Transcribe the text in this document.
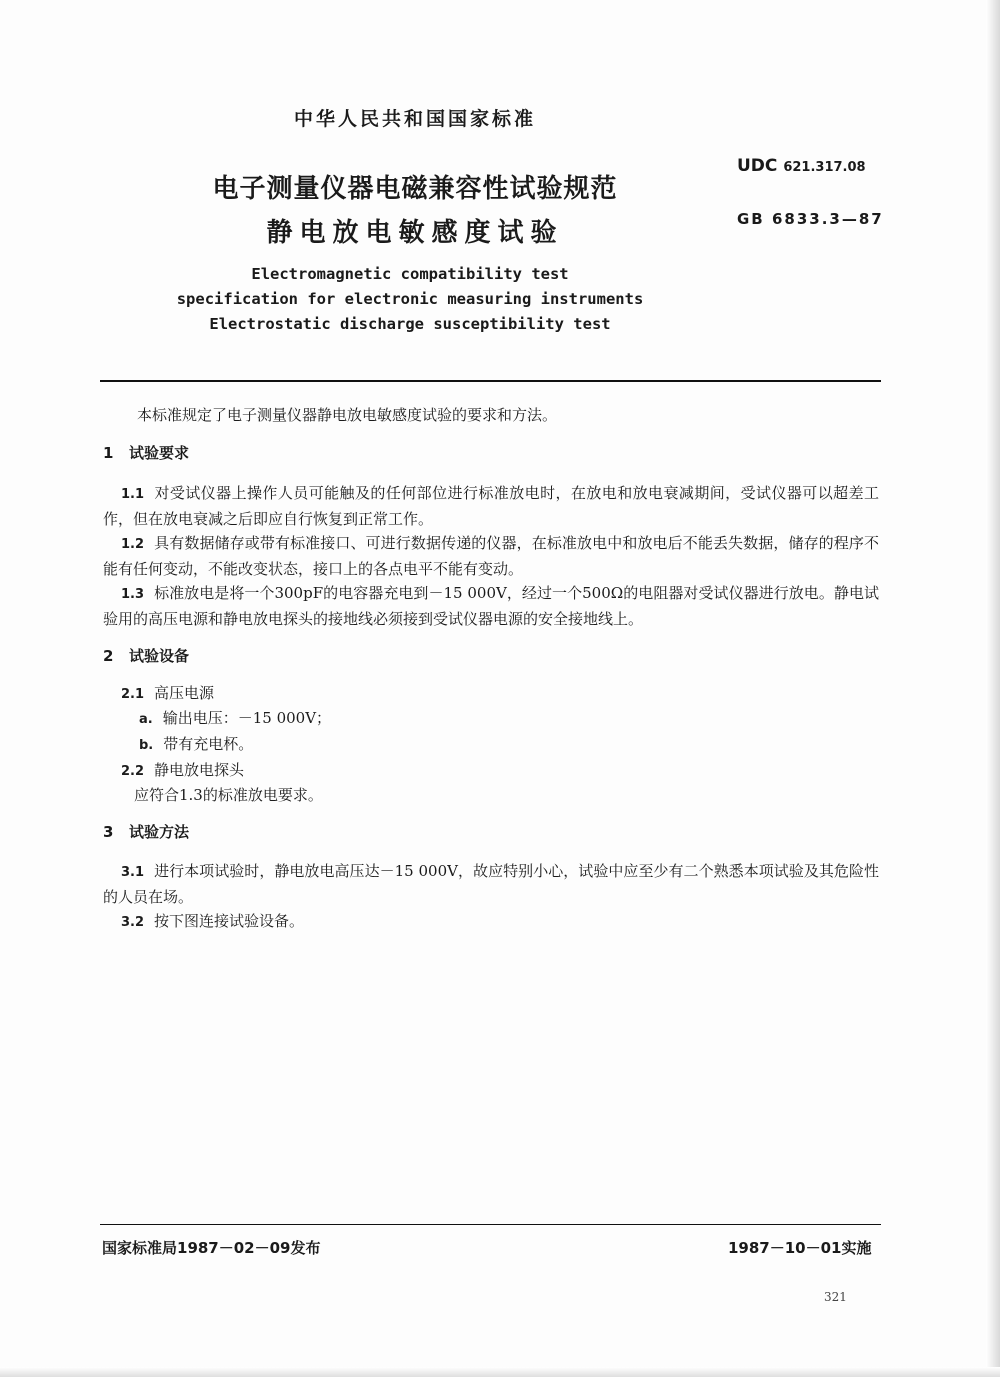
中华人民共和国国家标准
电子测量仪器电磁兼容性试验规范
静电放电敏感度试验
UDC 621.317.08
GB 6833.3—87
Electromagnetic compatibility test
specification for electronic measuring instruments
Electrostatic discharge susceptibility test
本标准规定了电子测量仪器静电放电敏感度试验的要求和方法。
1 试验要求
1.1 对受试仪器上操作人员可能触及的任何部位进行标准放电时，在放电和放电衰减期间，受试仪器可以超差工作，但在放电衰减之后即应自行恢复到正常工作。
1.2 具有数据储存或带有标准接口、可进行数据传递的仪器，在标准放电中和放电后不能丢失数据，储存的程序不能有任何变动，不能改变状态，接口上的各点电平不能有变动。
1.3 标准放电是将一个300pF的电容器充电到－15 000V，经过一个500Ω的电阻器对受试仪器进行放电。静电试验用的高压电源和静电放电探头的接地线必须接到受试仪器电源的安全接地线上。
2 试验设备
2.1 高压电源
a. 输出电压：－15 000V；
b. 带有充电杯。
2.2 静电放电探头
应符合1.3的标准放电要求。
3 试验方法
3.1 进行本项试验时，静电放电高压达－15 000V，故应特别小心，试验中应至少有二个熟悉本项试验及其危险性的人员在场。
3.2 按下图连接试验设备。
国家标准局1987－02－09发布	1987－10－01实施
321
